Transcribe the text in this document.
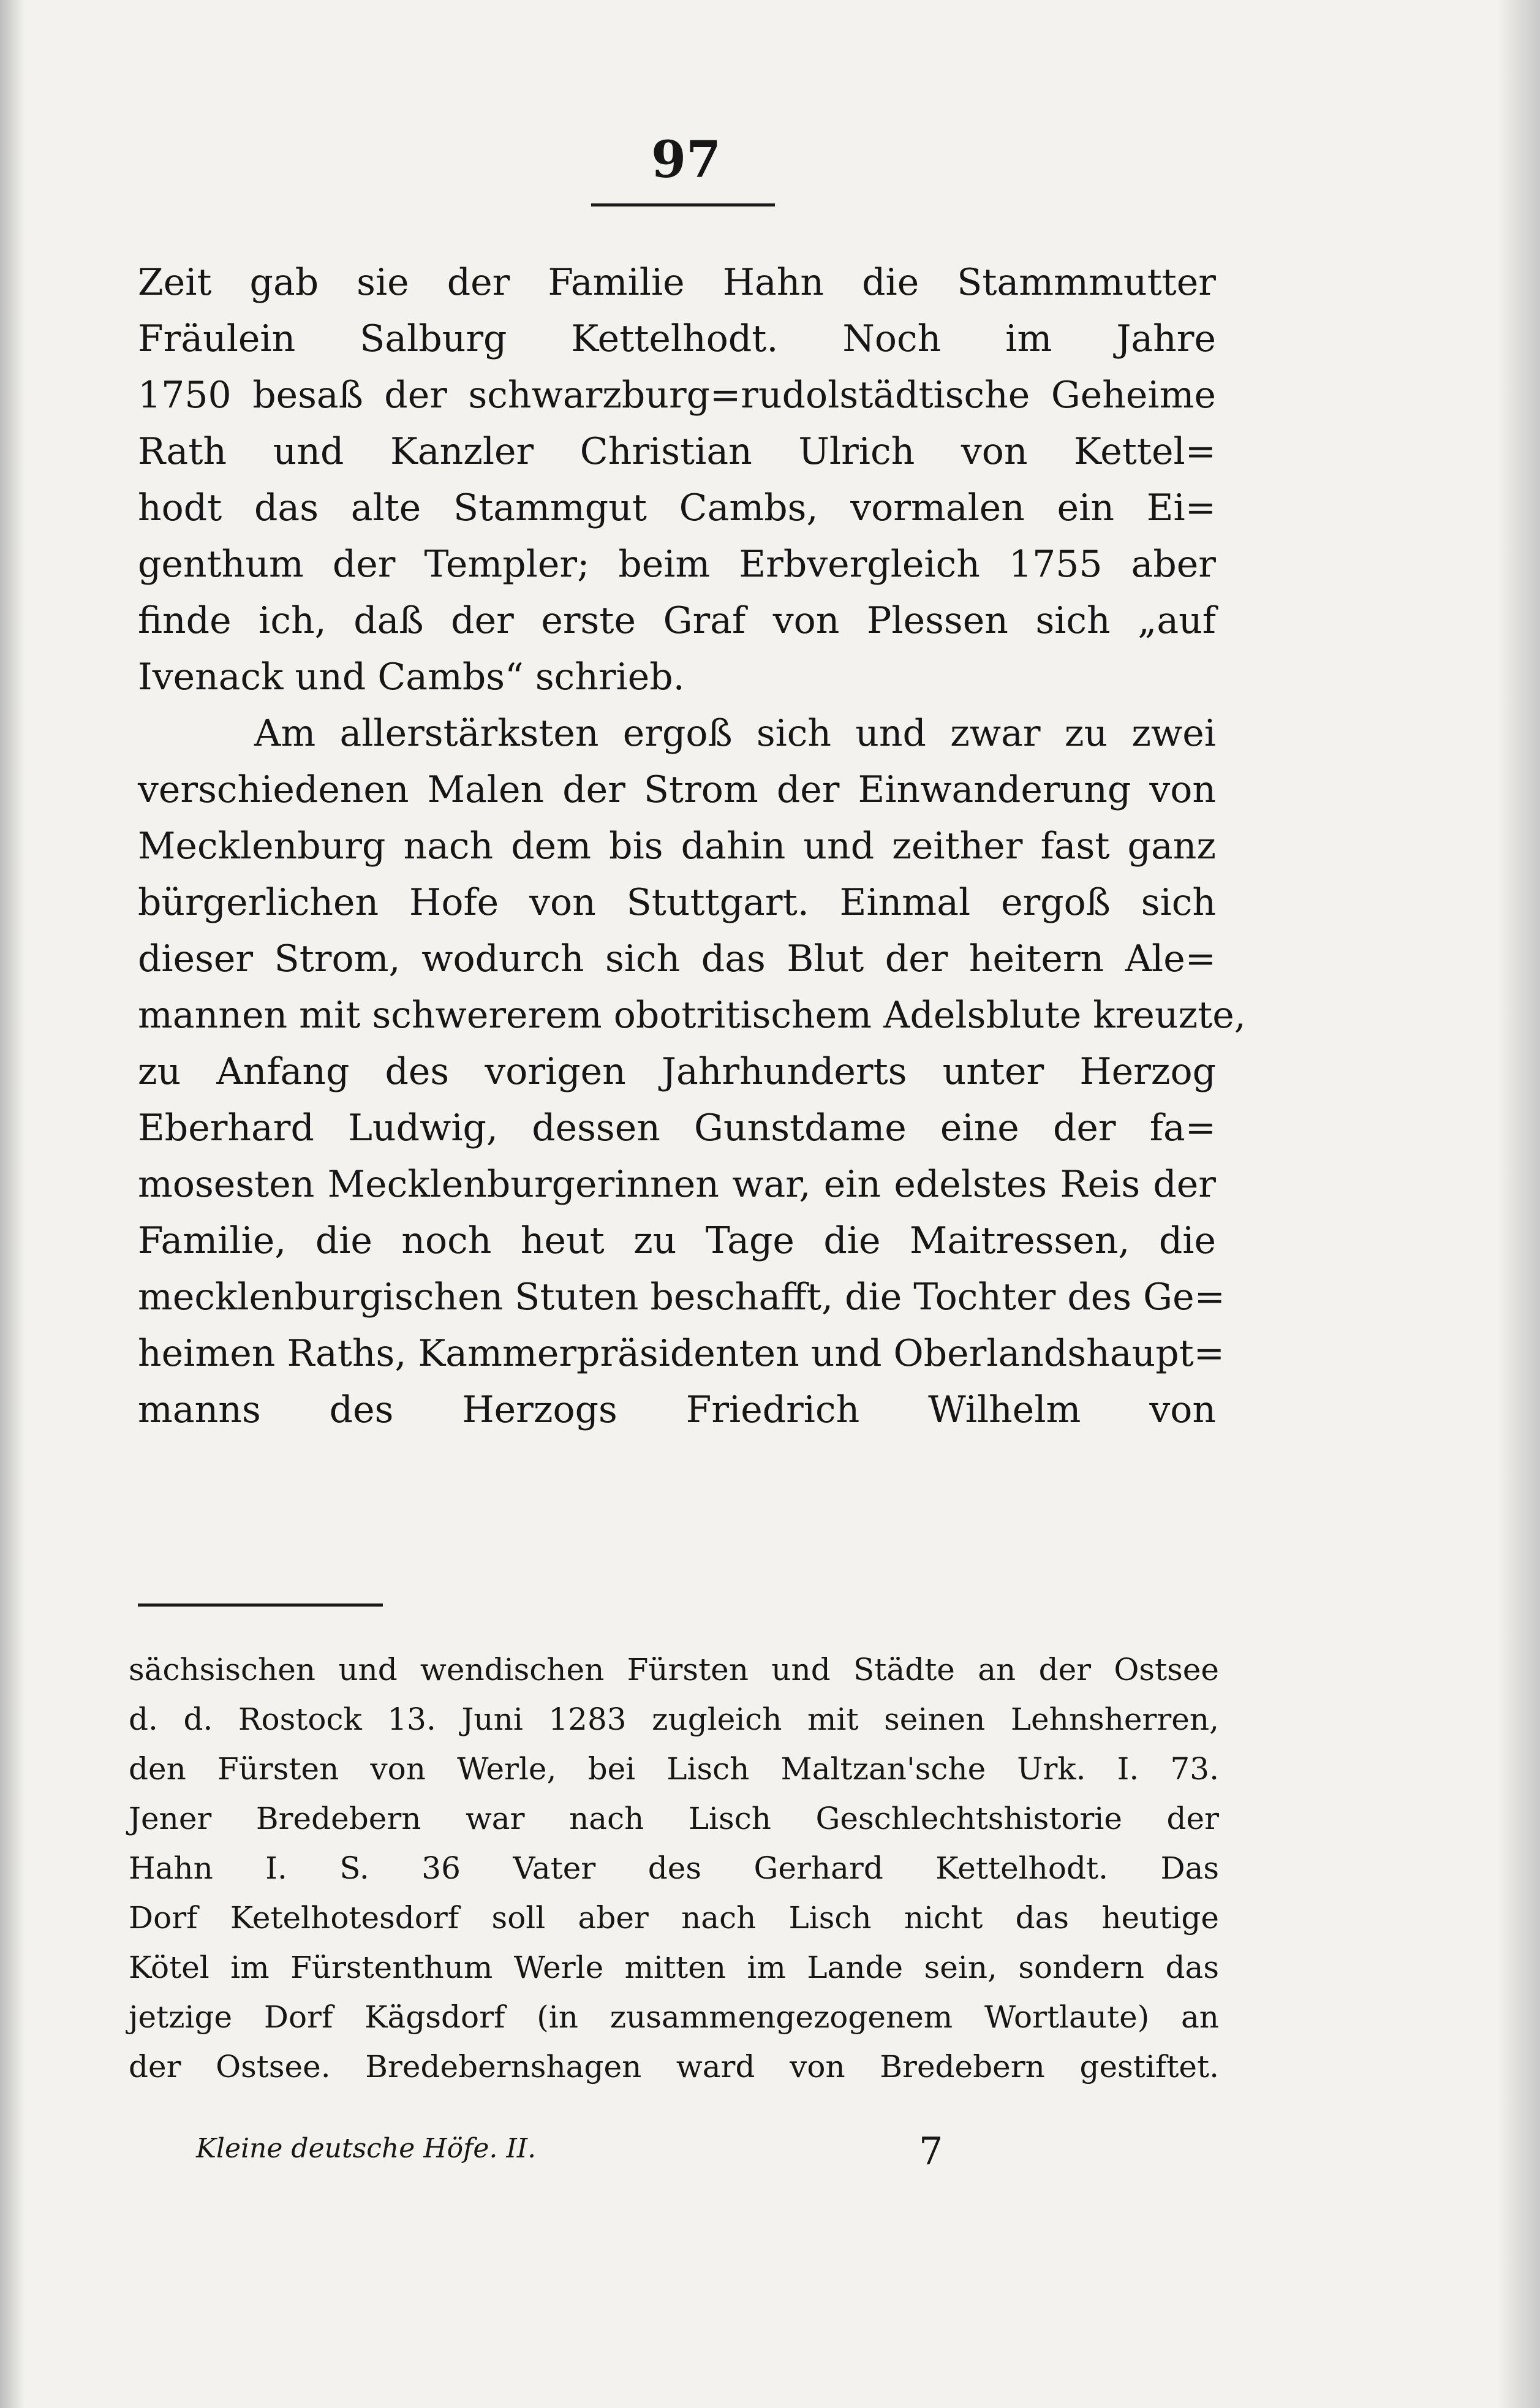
97
Zeit gab sie der Familie Hahn die Stammmutter
Fräulein Salburg Kettelhodt. Noch im Jahre
1750 besaß der schwarzburg=rudolstädtische Geheime
Rath und Kanzler Christian Ulrich von Kettel=
hodt das alte Stammgut Cambs, vormalen ein Ei=
genthum der Templer; beim Erbvergleich 1755 aber
finde ich, daß der erste Graf von Plessen sich „auf
Ivenack und Cambs“ schrieb.
Am allerstärksten ergoß sich und zwar zu zwei
verschiedenen Malen der Strom der Einwanderung von
Mecklenburg nach dem bis dahin und zeither fast ganz
bürgerlichen Hofe von Stuttgart. Einmal ergoß sich
dieser Strom, wodurch sich das Blut der heitern Ale=
mannen mit schwererem obotritischem Adelsblute kreuzte,
zu Anfang des vorigen Jahrhunderts unter Herzog
Eberhard Ludwig, dessen Gunstdame eine der fa=
mosesten Mecklenburgerinnen war, ein edelstes Reis der
Familie, die noch heut zu Tage die Maitressen, die
mecklenburgischen Stuten beschafft, die Tochter des Ge=
heimen Raths, Kammerpräsidenten und Oberlandshaupt=
manns des Herzogs Friedrich Wilhelm von
sächsischen und wendischen Fürsten und Städte an der Ostsee
d. d. Rostock 13. Juni 1283 zugleich mit seinen Lehnsherren,
den Fürsten von Werle, bei Lisch Maltzan'sche Urk. I. 73.
Jener Bredebern war nach Lisch Geschlechtshistorie der
Hahn I. S. 36 Vater des Gerhard Kettelhodt. Das
Dorf Ketelhotesdorf soll aber nach Lisch nicht das heutige
Kötel im Fürstenthum Werle mitten im Lande sein, sondern das
jetzige Dorf Kägsdorf (in zusammengezogenem Wortlaute) an
der Ostsee. Bredebernshagen ward von Bredebern gestiftet.
Kleine deutsche Höfe. II.	7
